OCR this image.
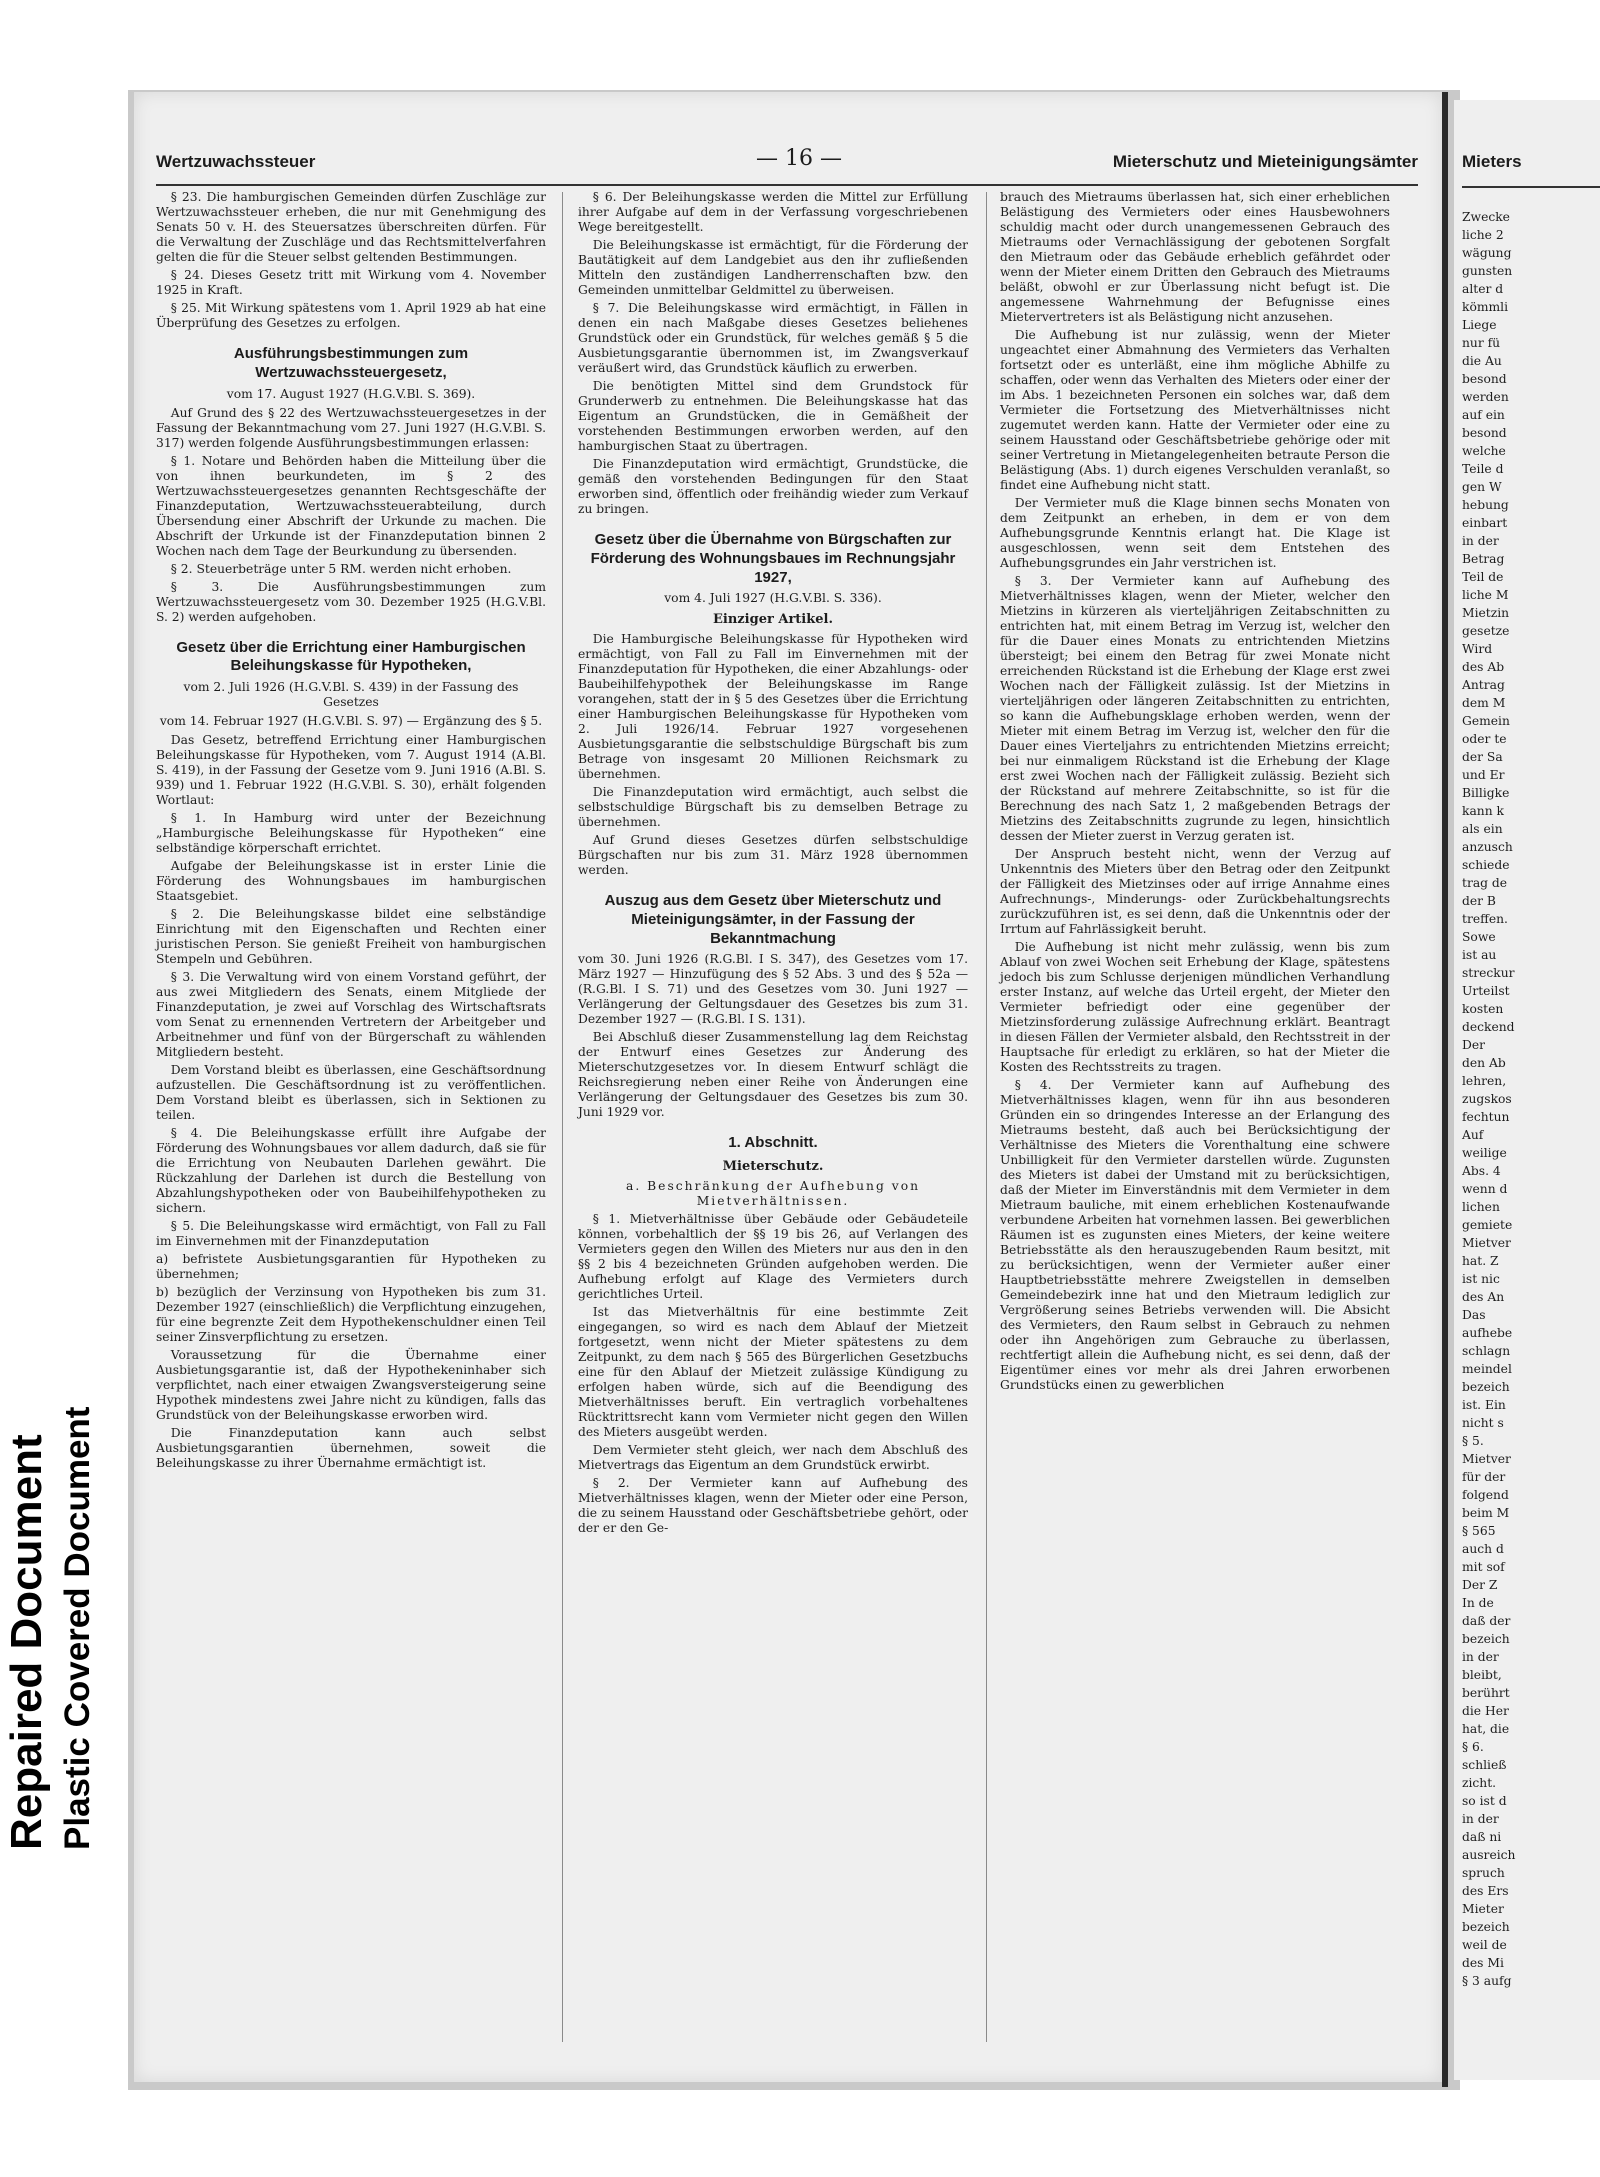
Repaired Document Plastic Covered Document
Wertzuwachssteuer	— 16 —	Mieterschutz und Mieteinigungsämter

§ 23. Die hamburgischen Gemeinden dürfen Zuschläge zur Wertzuwachssteuer erheben, die nur mit Genehmigung des Senats 50 v. H. des Steuersatzes überschreiten dürfen. Für die Verwaltung der Zuschläge und das Rechtsmittelverfahren gelten die für die Steuer selbst geltenden Bestimmungen.

§ 24. Dieses Gesetz tritt mit Wirkung vom 4. November 1925 in Kraft.

§ 25. Mit Wirkung spätestens vom 1. April 1929 ab hat eine Überprüfung des Gesetzes zu erfolgen.

Ausführungsbestimmungen zum Wertzuwachssteuergesetz,

vom 17. August 1927 (H.G.V.Bl. S. 369).

Auf Grund des § 22 des Wertzuwachssteuergesetzes in der Fassung der Bekanntmachung vom 27. Juni 1927 (H.G.V.Bl. S. 317) werden folgende Ausführungsbestimmungen erlassen:

§ 1. Notare und Behörden haben die Mitteilung über die von ihnen beurkundeten, im § 2 des Wertzuwachssteuergesetzes genannten Rechtsgeschäfte der Finanzdeputation, Wertzuwachssteuerabteilung, durch Übersendung einer Abschrift der Urkunde zu machen. Die Abschrift der Urkunde ist der Finanzdeputation binnen 2 Wochen nach dem Tage der Beurkundung zu übersenden.

§ 2. Steuerbeträge unter 5 RM. werden nicht erhoben.

§ 3. Die Ausführungsbestimmungen zum Wertzuwachssteuergesetz vom 30. Dezember 1925 (H.G.V.Bl. S. 2) werden aufgehoben.

Gesetz über die Errichtung einer Hamburgischen Beleihungskasse für Hypotheken,

vom 2. Juli 1926 (H.G.V.Bl. S. 439) in der Fassung des Gesetzes

vom 14. Februar 1927 (H.G.V.Bl. S. 97) — Ergänzung des § 5.

Das Gesetz, betreffend Errichtung einer Hamburgischen Beleihungskasse für Hypotheken, vom 7. August 1914 (A.Bl. S. 419), in der Fassung der Gesetze vom 9. Juni 1916 (A.Bl. S. 939) und 1. Februar 1922 (H.G.V.Bl. S. 30), erhält folgenden Wortlaut:

§ 1. In Hamburg wird unter der Bezeichnung „Hamburgische Beleihungskasse für Hypotheken“ eine selbständige körperschaft errichtet.

Aufgabe der Beleihungskasse ist in erster Linie die Förderung des Wohnungsbaues im hamburgischen Staatsgebiet.

§ 2. Die Beleihungskasse bildet eine selbständige Einrichtung mit den Eigenschaften und Rechten einer juristischen Person. Sie genießt Freiheit von hamburgischen Stempeln und Gebühren.

§ 3. Die Verwaltung wird von einem Vorstand geführt, der aus zwei Mitgliedern des Senats, einem Mitgliede der Finanzdeputation, je zwei auf Vorschlag des Wirtschaftsrats vom Senat zu ernennenden Vertretern der Arbeitgeber und Arbeitnehmer und fünf von der Bürgerschaft zu wählenden Mitgliedern besteht.

Dem Vorstand bleibt es überlassen, eine Geschäftsordnung aufzustellen. Die Geschäftsordnung ist zu veröffentlichen. Dem Vorstand bleibt es überlassen, sich in Sektionen zu teilen.

§ 4. Die Beleihungskasse erfüllt ihre Aufgabe der Förderung des Wohnungsbaues vor allem dadurch, daß sie für die Errichtung von Neubauten Darlehen gewährt. Die Rückzahlung der Darlehen ist durch die Bestellung von Abzahlungshypotheken oder von Baubeihilfehypotheken zu sichern.

§ 5. Die Beleihungskasse wird ermächtigt, von Fall zu Fall im Einvernehmen mit der Finanzdeputation

a) befristete Ausbietungsgarantien für Hypotheken zu übernehmen;

b) bezüglich der Verzinsung von Hypotheken bis zum 31. Dezember 1927 (einschließlich) die Verpflichtung einzugehen, für eine begrenzte Zeit dem Hypothekenschuldner einen Teil seiner Zinsverpflichtung zu ersetzen.

Voraussetzung für die Übernahme einer Ausbietungsgarantie ist, daß der Hypothekeninhaber sich verpflichtet, nach einer etwaigen Zwangsversteigerung seine Hypothek mindestens zwei Jahre nicht zu kündigen, falls das Grundstück von der Beleihungskasse erworben wird.

Die Finanzdeputation kann auch selbst Ausbietungsgarantien übernehmen, soweit die Beleihungskasse zu ihrer Übernahme ermächtigt ist.

§ 6. Der Beleihungskasse werden die Mittel zur Erfüllung ihrer Aufgabe auf dem in der Verfassung vorgeschriebenen Wege bereitgestellt.

Die Beleihungskasse ist ermächtigt, für die Förderung der Bautätigkeit auf dem Landgebiet aus den ihr zufließenden Mitteln den zuständigen Landherrenschaften bzw. den Gemeinden unmittelbar Geldmittel zu überweisen.

§ 7. Die Beleihungskasse wird ermächtigt, in Fällen in denen ein nach Maßgabe dieses Gesetzes beliehenes Grundstück oder ein Grundstück, für welches gemäß § 5 die Ausbietungsgarantie übernommen ist, im Zwangsverkauf veräußert wird, das Grundstück käuflich zu erwerben.

Die benötigten Mittel sind dem Grundstock für Grunderwerb zu entnehmen. Die Beleihungskasse hat das Eigentum an Grundstücken, die in Gemäßheit der vorstehenden Bestimmungen erworben werden, auf den hamburgischen Staat zu übertragen.

Die Finanzdeputation wird ermächtigt, Grundstücke, die gemäß den vorstehenden Bedingungen für den Staat erworben sind, öffentlich oder freihändig wieder zum Verkauf zu bringen.

Gesetz über die Übernahme von Bürgschaften zur Förderung des Wohnungsbaues im Rechnungsjahr 1927,

vom 4. Juli 1927 (H.G.V.Bl. S. 336).

Einziger Artikel.

Die Hamburgische Beleihungskasse für Hypotheken wird ermächtigt, von Fall zu Fall im Einvernehmen mit der Finanzdeputation für Hypotheken, die einer Abzahlungs- oder Baubeihilfehypothek der Beleihungskasse im Range vorangehen, statt der in § 5 des Gesetzes über die Errichtung einer Hamburgischen Beleihungskasse für Hypotheken vom 2. Juli 1926/14. Februar 1927 vorgesehenen Ausbietungsgarantie die selbstschuldige Bürgschaft bis zum Betrage von insgesamt 20 Millionen Reichsmark zu übernehmen.

Die Finanzdeputation wird ermächtigt, auch selbst die selbstschuldige Bürgschaft bis zu demselben Betrage zu übernehmen.

Auf Grund dieses Gesetzes dürfen selbstschuldige Bürgschaften nur bis zum 31. März 1928 übernommen werden.

Auszug aus dem Gesetz über Mieterschutz und Mieteinigungsämter, in der Fassung der Bekanntmachung

vom 30. Juni 1926 (R.G.Bl. I S. 347), des Gesetzes vom 17. März 1927 — Hinzufügung des § 52 Abs. 3 und des § 52a — (R.G.Bl. I S. 71) und des Gesetzes vom 30. Juni 1927 — Verlängerung der Geltungsdauer des Gesetzes bis zum 31. Dezember 1927 — (R.G.Bl. I S. 131).

Bei Abschluß dieser Zusammenstellung lag dem Reichstag der Entwurf eines Gesetzes zur Änderung des Mieterschutzgesetzes vor. In diesem Entwurf schlägt die Reichsregierung neben einer Reihe von Änderungen eine Verlängerung der Geltungsdauer des Gesetzes bis zum 30. Juni 1929 vor.

1. Abschnitt.
Mieterschutz.

a. Beschränkung der Aufhebung von Mietverhältnissen.

§ 1. Mietverhältnisse über Gebäude oder Gebäudeteile können, vorbehaltlich der §§ 19 bis 26, auf Verlangen des Vermieters gegen den Willen des Mieters nur aus den in den §§ 2 bis 4 bezeichneten Gründen aufgehoben werden. Die Aufhebung erfolgt auf Klage des Vermieters durch gerichtliches Urteil.

Ist das Mietverhältnis für eine bestimmte Zeit eingegangen, so wird es nach dem Ablauf der Mietzeit fortgesetzt, wenn nicht der Mieter spätestens zu dem Zeitpunkt, zu dem nach § 565 des Bürgerlichen Gesetzbuchs eine für den Ablauf der Mietzeit zulässige Kündigung zu erfolgen haben würde, sich auf die Beendigung des Mietverhältnisses beruft. Ein vertraglich vorbehaltenes Rücktrittsrecht kann vom Vermieter nicht gegen den Willen des Mieters ausgeübt werden.

Dem Vermieter steht gleich, wer nach dem Abschluß des Mietvertrags das Eigentum an dem Grundstück erwirbt.

§ 2. Der Vermieter kann auf Aufhebung des Mietverhältnisses klagen, wenn der Mieter oder eine Person, die zu seinem Hausstand oder Geschäftsbetriebe gehört, oder der er den Ge-

brauch des Mietraums überlassen hat, sich einer erheblichen Belästigung des Vermieters oder eines Hausbewohners schuldig macht oder durch unangemessenen Gebrauch des Mietraums oder Vernachlässigung der gebotenen Sorgfalt den Mietraum oder das Gebäude erheblich gefährdet oder wenn der Mieter einem Dritten den Gebrauch des Mietraums beläßt, obwohl er zur Überlassung nicht befugt ist. Die angemessene Wahrnehmung der Befugnisse eines Mietervertreters ist als Belästigung nicht anzusehen.

Die Aufhebung ist nur zulässig, wenn der Mieter ungeachtet einer Abmahnung des Vermieters das Verhalten fortsetzt oder es unterläßt, eine ihm mögliche Abhilfe zu schaffen, oder wenn das Verhalten des Mieters oder einer der im Abs. 1 bezeichneten Personen ein solches war, daß dem Vermieter die Fortsetzung des Mietverhältnisses nicht zugemutet werden kann. Hatte der Vermieter oder eine zu seinem Hausstand oder Geschäftsbetriebe gehörige oder mit seiner Vertretung in Mietangelegenheiten betraute Person die Belästigung (Abs. 1) durch eigenes Verschulden veranlaßt, so findet eine Aufhebung nicht statt.

Der Vermieter muß die Klage binnen sechs Monaten von dem Zeitpunkt an erheben, in dem er von dem Aufhebungsgrunde Kenntnis erlangt hat. Die Klage ist ausgeschlossen, wenn seit dem Entstehen des Aufhebungsgrundes ein Jahr verstrichen ist.

§ 3. Der Vermieter kann auf Aufhebung des Mietverhältnisses klagen, wenn der Mieter, welcher den Mietzins in kürzeren als vierteljährigen Zeitabschnitten zu entrichten hat, mit einem Betrag im Verzug ist, welcher den für die Dauer eines Monats zu entrichtenden Mietzins übersteigt; bei einem den Betrag für zwei Monate nicht erreichenden Rückstand ist die Erhebung der Klage erst zwei Wochen nach der Fälligkeit zulässig. Ist der Mietzins in vierteljährigen oder längeren Zeitabschnitten zu entrichten, so kann die Aufhebungsklage erhoben werden, wenn der Mieter mit einem Betrag im Verzug ist, welcher den für die Dauer eines Vierteljahrs zu entrichtenden Mietzins erreicht; bei nur einmaligem Rückstand ist die Erhebung der Klage erst zwei Wochen nach der Fälligkeit zulässig. Bezieht sich der Rückstand auf mehrere Zeitabschnitte, so ist für die Berechnung des nach Satz 1, 2 maßgebenden Betrags der Mietzins des Zeitabschnitts zugrunde zu legen, hinsichtlich dessen der Mieter zuerst in Verzug geraten ist.

Der Anspruch besteht nicht, wenn der Verzug auf Unkenntnis des Mieters über den Betrag oder den Zeitpunkt der Fälligkeit des Mietzinses oder auf irrige Annahme eines Aufrechnungs-, Minderungs- oder Zurückbehaltungsrechts zurückzuführen ist, es sei denn, daß die Unkenntnis oder der Irrtum auf Fahrlässigkeit beruht.

Die Aufhebung ist nicht mehr zulässig, wenn bis zum Ablauf von zwei Wochen seit Erhebung der Klage, spätestens jedoch bis zum Schlusse derjenigen mündlichen Verhandlung erster Instanz, auf welche das Urteil ergeht, der Mieter den Vermieter befriedigt oder eine gegenüber der Mietzinsforderung zulässige Aufrechnung erklärt. Beantragt in diesen Fällen der Vermieter alsbald, den Rechtsstreit in der Hauptsache für erledigt zu erklären, so hat der Mieter die Kosten des Rechtsstreits zu tragen.

§ 4. Der Vermieter kann auf Aufhebung des Mietverhältnisses klagen, wenn für ihn aus besonderen Gründen ein so dringendes Interesse an der Erlangung des Mietraums besteht, daß auch bei Berücksichtigung der Verhältnisse des Mieters die Vorenthaltung eine schwere Unbilligkeit für den Vermieter darstellen würde. Zugunsten des Mieters ist dabei der Umstand mit zu berücksichtigen, daß der Mieter im Einverständnis mit dem Vermieter in dem Mietraum bauliche, mit einem erheblichen Kostenaufwande verbundene Arbeiten hat vornehmen lassen. Bei gewerblichen Räumen ist es zugunsten eines Mieters, der keine weitere Betriebsstätte als den herauszugebenden Raum besitzt, mit zu berücksichtigen, wenn der Vermieter außer einer Hauptbetriebsstätte mehrere Zweigstellen in demselben Gemeindebezirk inne hat und den Mietraum lediglich zur Vergrößerung seines Betriebs verwenden will. Die Absicht des Vermieters, den Raum selbst in Gebrauch zu nehmen oder ihn Angehörigen zum Gebrauche zu überlassen, rechtfertigt allein die Aufhebung nicht, es sei denn, daß der Eigentümer eines vor mehr als drei Jahren erworbenen Grundstücks einen zu gewerblichen

Mieters
Zwecke
liche 2
wägung
gunsten
alter d
kömmli
Liege
nur fü
die Au
besond
werden
auf ein
besond
welche
Teile d
gen W
hebung
einbart
in der
Betrag
Teil de
liche M
Mietzin
gesetze
Wird
des Ab
Antrag
dem M
Gemein
oder te
der Sa
und Er
Billigke
kann k
als ein
anzusch
schiede
trag de
der B
treffen.
Sowe
ist au
streckur
Urteilst
kosten
deckend
Der
den Ab
lehren,
zugskos
fechtun
Auf
weilige
Abs. 4
wenn d
lichen
gemiete
Mietver
hat. Z
ist nic
des An
Das
aufhebe
schlagn
meindel
bezeich
ist. Ein
nicht s
§ 5.
Mietver
für der
folgend
beim M
§ 565
auch d
mit sof
Der Z
In de
daß der
bezeich
in der
bleibt,
berührt
die Her
hat, die
§ 6.
schließ
zicht.
so ist d
in der
daß ni
ausreich
spruch
des Ers
Mieter
bezeich
weil de
des Mi
§ 3 aufg
